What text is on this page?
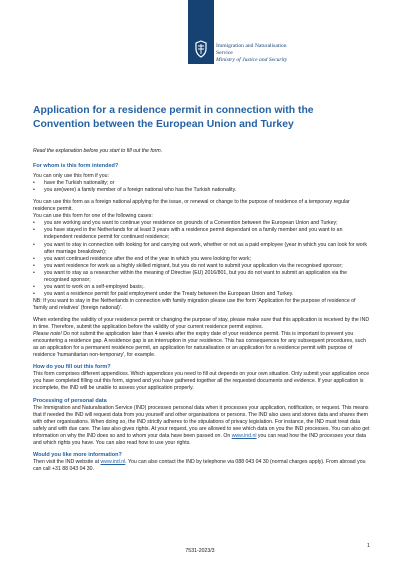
Immigration and Naturalisation
Service
Ministry of Justice and Security
Application for a residence permit in connection with the Convention between the European Union and Turkey
Read the explanation before you start to fill out the form.
For whom is this form intended?

You can only use this form if you:

• have the Turkish nationality; or
• you are(were) a family member of a foreign national who has the Turkish nationality.

You can use this form as a foreign national applying for the issue, or renewal or change to the purpose of residence of a temporary regular residence permit.

You can use this form for one of the following cases:

• you are working and you want to continue your residence on grounds of a Convention between the European Union and Turkey;
• you have stayed in the Netherlands for at least 3 years with a residence permit dependant on a family member and you want to an independent residence permit for continued residence;
• you want to stay in connection with looking for and carrying out work, whether or not as a paid employee (year in which you can look for work after marriage breakdown);
• you want continued residence after the end of the year in which you were looking for work;
• you want residence for work as a highly skilled migrant, but you do not want to submit your application via the recognised sponsor;
• you want to stay as a researcher within the meaning of Directive (EU) 2016/801, but you do not want to submit an application via the recognised sponsor;
• you want to work on a self-employed basis;.
• you want a residence permit for paid employment under the Treaty between the European Union and Turkey.

NB: If you want to stay in the Netherlands in connection with family migration please use the form 'Application for the purpose of residence of 'family and relatives' (foreign national)'.

When extending the validity of your residence permit or changing the purpose of stay, please make sure that this application is received by the IND in time. Therefore, submit the application before the validity of your current residence permit expires.

Please note! Do not submit the application later than 4 weeks after the expiry date of your residence permit. This is important to prevent you encountering a residence gap. A residence gap is an interruption in your residence. This has consequences for any subsequent procedures, such as an application for a permanent residence permit, an application for naturalisation or an application for a residence permit with purpose of residence 'humanitarian non-temporary', for example.

How do you fill out this form?

This form comprises different appendices. Which appendices you need to fill out depends on your own situation. Only submit your application once you have completed filling out this form, signed and you have gathered together all the requested documents and evidence. If your application is incomplete, the IND will be unable to assess your application properly.

Processing of personal data

The Immigration and Naturalisation Service (IND) processes personal data when it processes your application, notification, or request. This means that if needed the IND will request data from you yourself and other organisations or persons. The IND also uses and stores data and shares them with other organisations. When doing so, the IND strictly adheres to the stipulations of privacy legislation. For instance, the IND must treat data safely and with due care. The law also gives rights. At your request, you are allowed to see which data on you the IND processes. You can also get information on why the IND does so and to whom your data have been passed on. On www.ind.nl you can read how the IND processes your data and which rights you have. You can also read how to use your rights.

Would you like more information?

Then visit the IND website at www.ind.nl. You can also contact the IND by telephone via 088 043 04 30 (normal charges apply). From abroad you can call +31 88 043 04 30.

1
7531-2023/3
